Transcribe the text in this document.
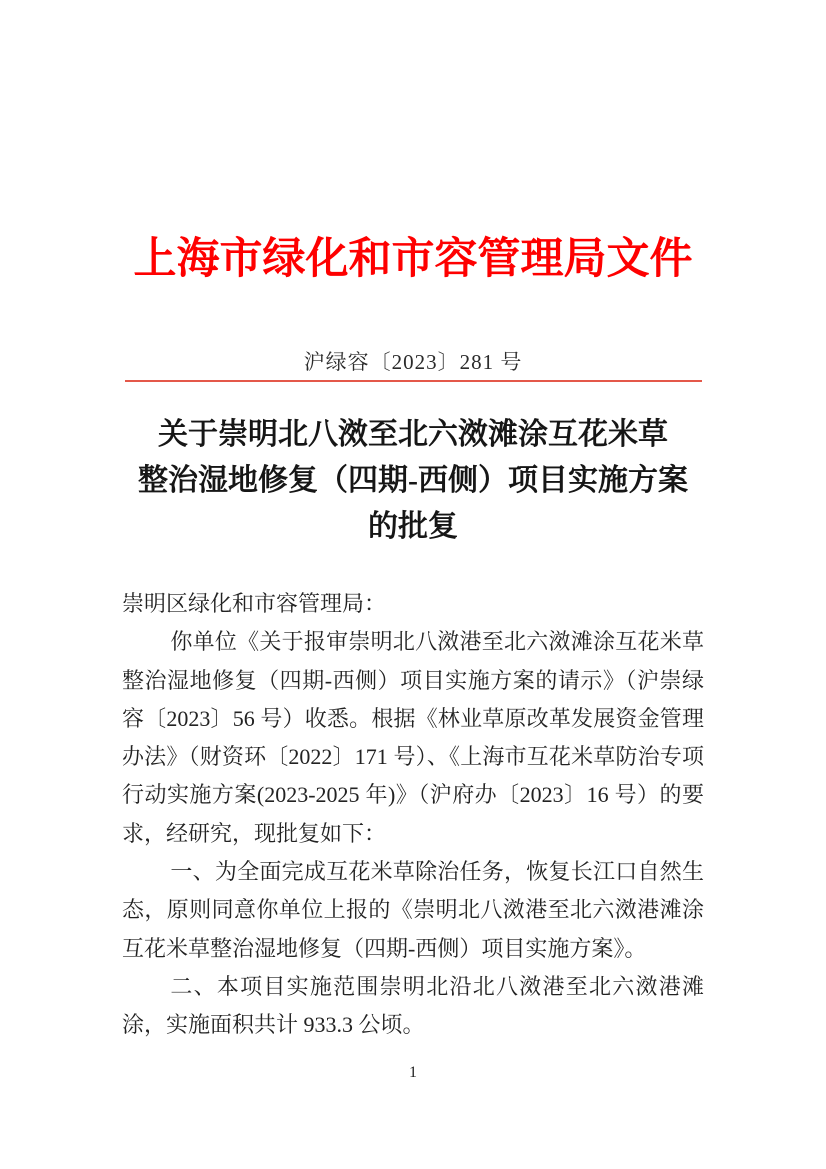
上海市绿化和市容管理局文件
沪绿容〔2023〕281 号
关于崇明北八滧至北六滧滩涂互花米草
整治湿地修复（四期-西侧）项目实施方案
的批复

崇明区绿化和市容管理局：

你单位《关于报审崇明北八滧港至北六滧滩涂互花米草整治湿地修复（四期-西侧）项目实施方案的请示》（沪崇绿容〔2023〕56 号）收悉。根据《林业草原改革发展资金管理办法》（财资环〔2022〕171 号）、《上海市互花米草防治专项行动实施方案(2023-2025 年)》（沪府办〔2023〕16 号）的要求，经研究，现批复如下：

一、为全面完成互花米草除治任务，恢复长江口自然生态，原则同意你单位上报的《崇明北八滧港至北六滧港滩涂互花米草整治湿地修复（四期-西侧）项目实施方案》。

二、本项目实施范围崇明北沿北八滧港至北六滧港滩涂，实施面积共计 933.3 公顷。

1
